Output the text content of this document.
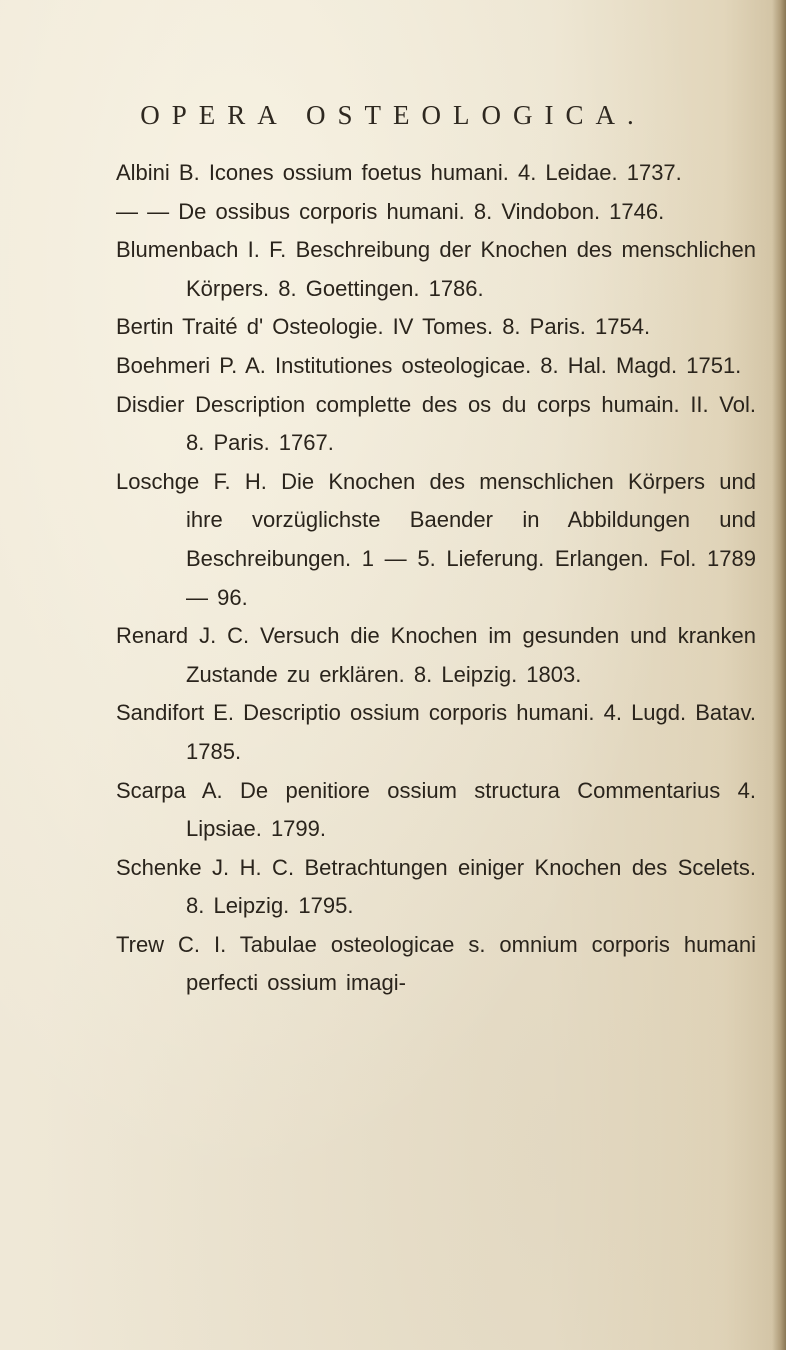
OPERA OSTEOLOGICA.

Albini B. Icones ossium foetus humani. 4. Leidae. 1737.

— — De ossibus corporis humani. 8. Vindobon. 1746.

Blumenbach I. F. Beschreibung der Knochen des menschlichen Körpers. 8. Goettingen. 1786.

Bertin Traité d' Osteologie. IV Tomes. 8. Paris. 1754.

Boehmeri P. A. Institutiones osteologicae. 8. Hal. Magd. 1751.

Disdier Description complette des os du corps humain. II. Vol. 8. Paris. 1767.

Loschge F. H. Die Knochen des menschlichen Körpers und ihre vorzüglichste Baender in Abbildungen und Beschreibungen. 1 — 5. Lieferung. Erlangen. Fol. 1789 — 96.

Renard J. C. Versuch die Knochen im gesunden und kranken Zustande zu erklären. 8. Leipzig. 1803.

Sandifort E. Descriptio ossium corporis humani. 4. Lugd. Batav. 1785.

Scarpa A. De penitiore ossium structura Commentarius 4. Lipsiae. 1799.

Schenke J. H. C. Betrachtungen einiger Knochen des Scelets. 8. Leipzig. 1795.

Trew C. I. Tabulae osteologicae s. omnium corporis humani perfecti ossium imagi-
